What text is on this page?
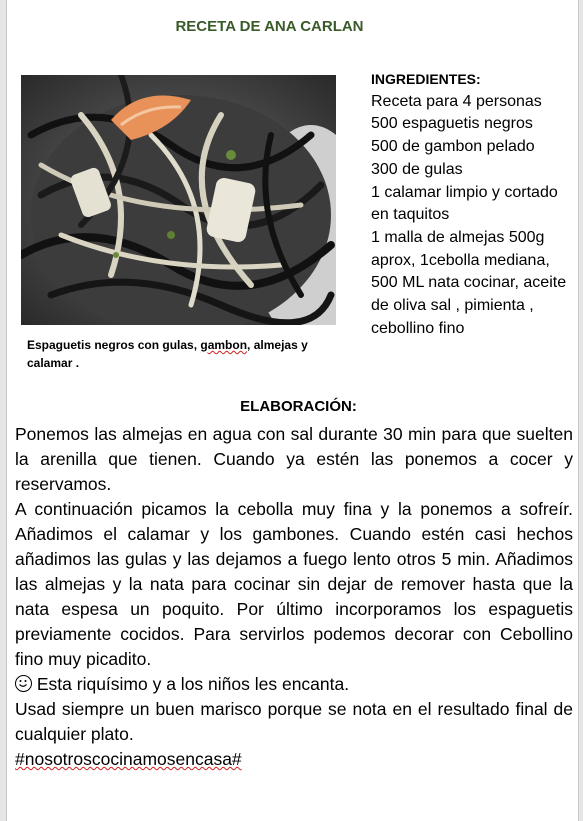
RECETA DE ANA CARLAN
Espaguetis negros con gulas, gambon, almejas y calamar .

INGREDIENTES:

Receta para 4 personas

500 espaguetis negros

500 de gambon pelado

300 de gulas

1 calamar limpio y cortado en taquitos

1 malla de almejas 500g aprox, 1cebolla mediana, 500 ML nata cocinar, aceite de oliva sal , pimienta , cebollino fino

ELABORACIÓN:

Ponemos las almejas en agua con sal durante 30 min para que suelten la arenilla que tienen. Cuando ya estén las ponemos a cocer y reservamos.

A continuación picamos la cebolla muy fina y la ponemos a sofreír. Añadimos el calamar y los gambones. Cuando estén casi hechos añadimos las gulas y las dejamos a fuego lento otros 5 min. Añadimos las almejas y la nata para cocinar sin dejar de remover hasta que la nata espesa un poquito. Por último incorporamos los espaguetis previamente cocidos. Para servirlos podemos decorar con Cebollino fino muy picadito.

Esta riquísimo y a los niños les encanta.

Usad siempre un buen marisco porque se nota en el resultado final de cualquier plato.

#nosotroscocinamosencasa#
